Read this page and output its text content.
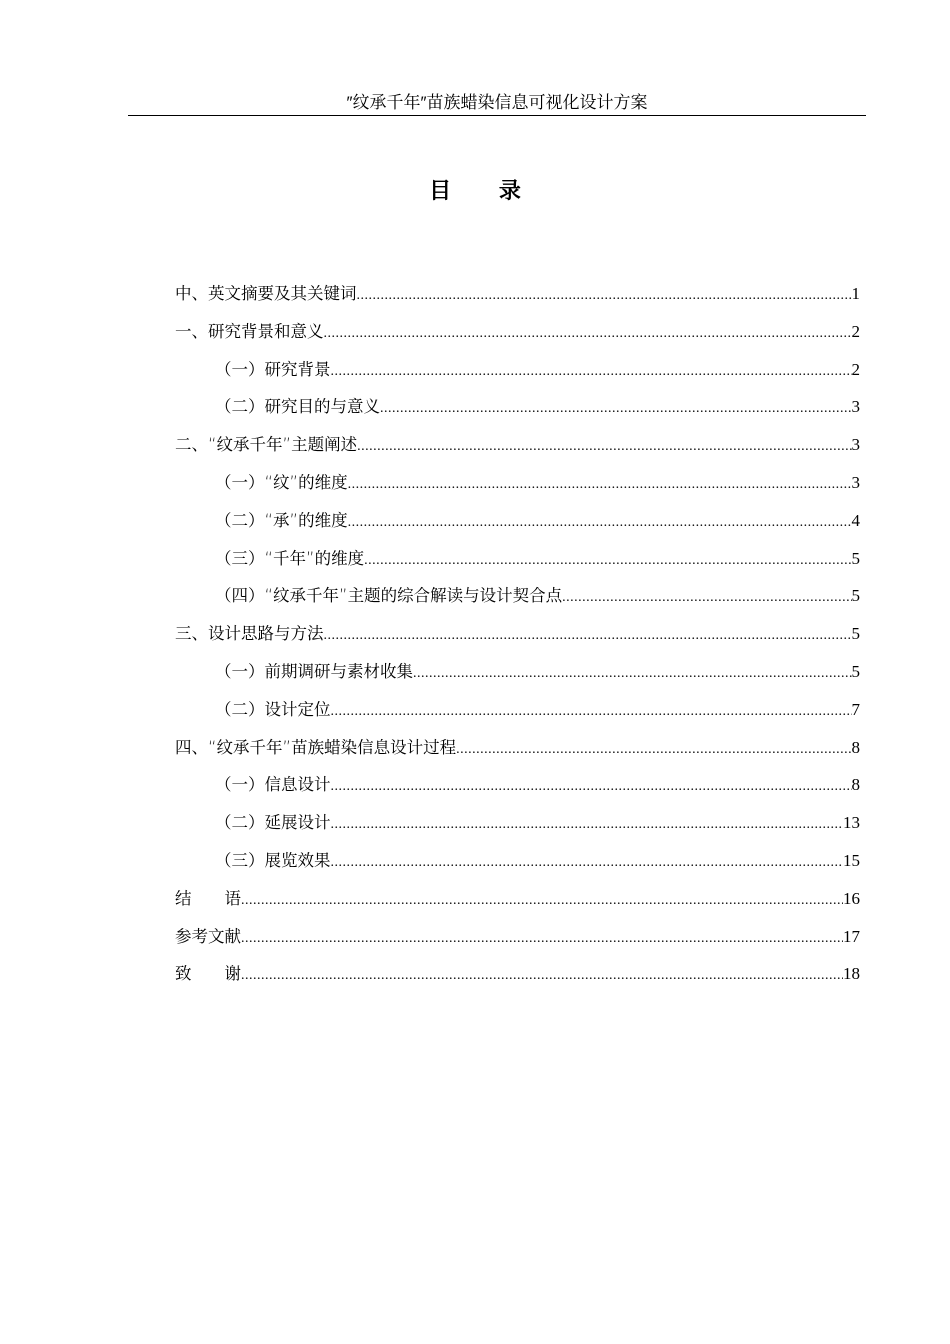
″纹承千年″苗族蜡染信息可视化设计方案
目 录
中、英文摘要及其关键词 .....	1
一、研究背景和意义 .....	2
（一）研究背景 .....	2
（二）研究目的与意义 .....	3
二、“纹承千年”主题阐述 .....	3
（一）“纹”的维度 .....	3
（二）“承”的维度 .....	4
（三）“千年”的维度 .....	5
（四）“纹承千年”主题的综合解读与设计契合点 .....	5
三、设计思路与方法 .....	5
（一）前期调研与素材收集 .....	5
（二）设计定位 .....	7
四、“纹承千年”苗族蜡染信息设计过程 .....	8
（一）信息设计 .....	8
（二）延展设计 .....	13
（三）展览效果 .....	15
结　　语 .....	16
参考文献 .....	17
致　　谢 .....	18
